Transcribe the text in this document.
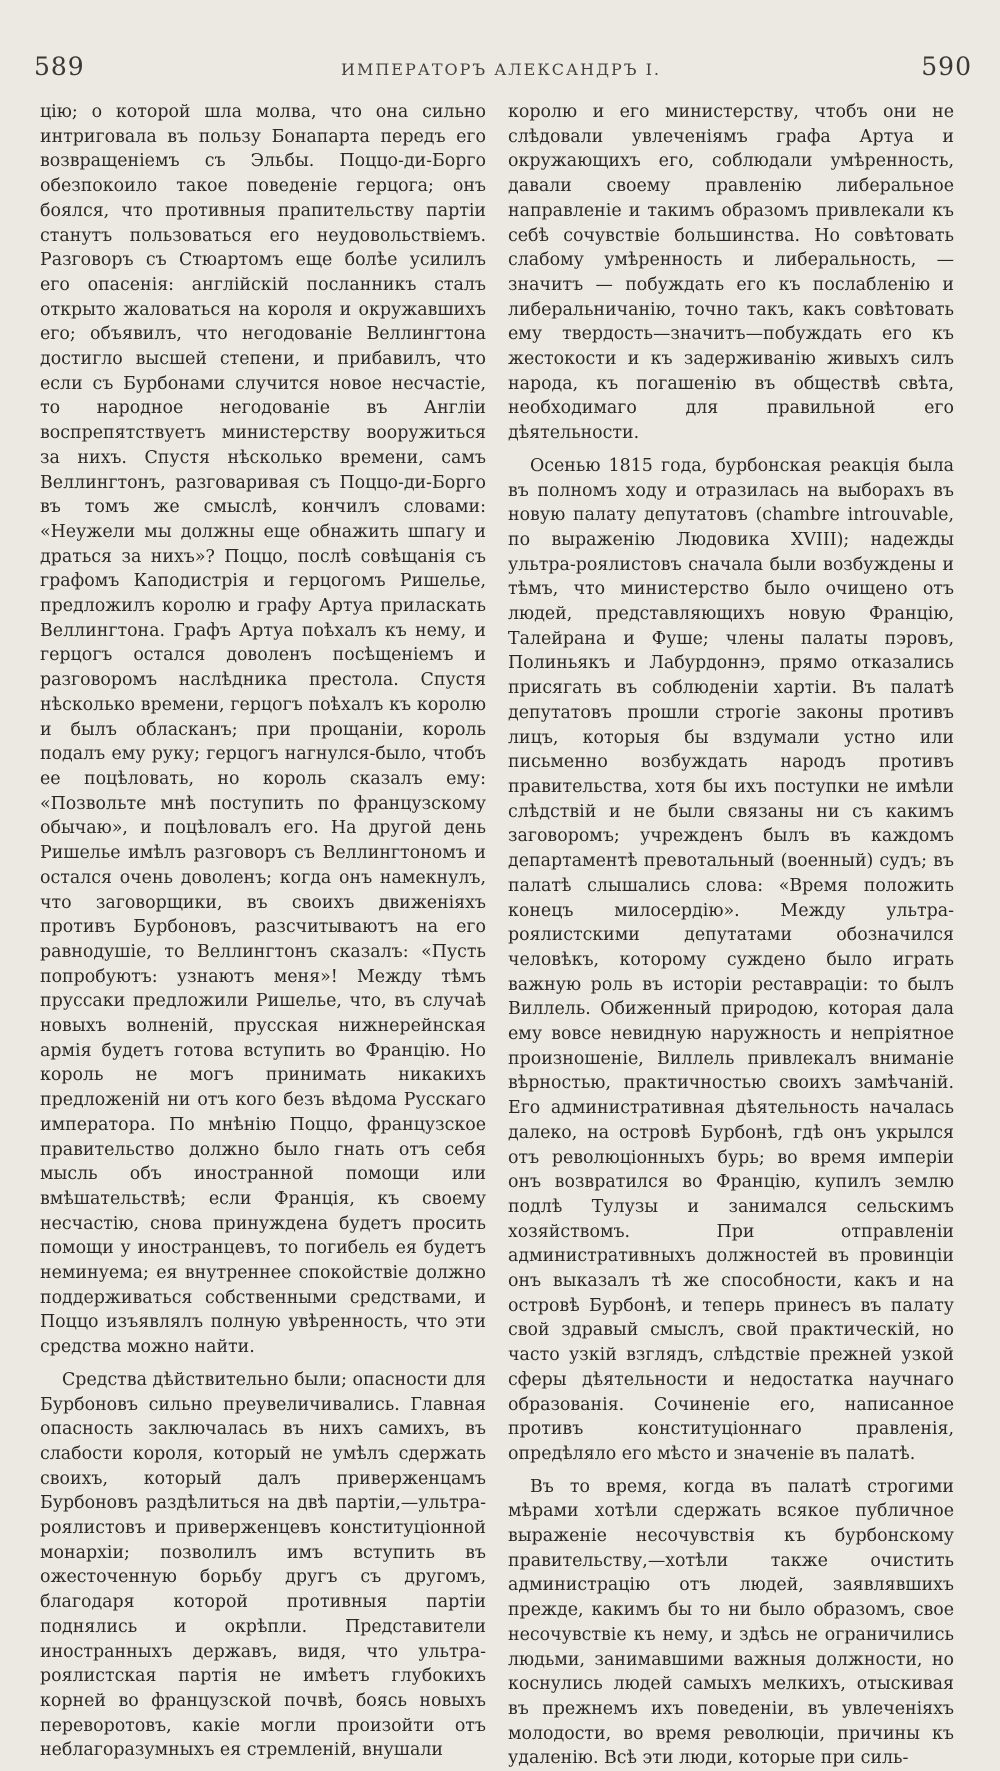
589	ИМПЕРАТОРЪ АЛЕКСАНДРЪ I.	590

цію; о которой шла молва, что она сильно интриговала въ пользу Бонапарта передъ его возвращеніемъ съ Эльбы. Поццо-ди-Борго обезпокоило такое поведеніе герцога; онъ боялся, что противныя прапительству партіи станутъ пользоваться его неудовольствіемъ. Разговоръ съ Стюартомъ еще болѣе усилилъ его опасенія: англійскій посланникъ сталъ открыто жаловаться на короля и окружавшихъ его; объявилъ, что негодованіе Веллингтона достигло высшей степени, и прибавилъ, что если съ Бурбонами случится новое несчастіе, то народное негодованіе въ Англіи воспрепятствуетъ министерству вооружиться за нихъ. Спустя нѣсколько времени, самъ Веллингтонъ, разговаривая съ Поццо-ди-Борго въ томъ же смыслѣ, кончилъ словами: «Неужели мы должны еще обнажить шпагу и драться за нихъ»? Поццо, послѣ совѣщанія съ графомъ Каподистрія и герцогомъ Ришелье, предложилъ королю и графу Артуа приласкать Веллингтона. Графъ Артуа поѣхалъ къ нему, и герцогъ остался доволенъ посѣщеніемъ и разговоромъ наслѣдника престола. Спустя нѣсколько времени, герцогъ поѣхалъ къ королю и былъ обласканъ; при прощаніи, король подалъ ему руку; герцогъ нагнулся-было, чтобъ ее поцѣловать, но король сказалъ ему: «Позвольте мнѣ поступить по французскому обычаю», и поцѣловалъ его. На другой день Ришелье имѣлъ разговоръ съ Веллингтономъ и остался очень доволенъ; когда онъ намекнулъ, что заговорщики, въ своихъ движеніяхъ противъ Бурбоновъ, разсчитываютъ на его равнодушіе, то Веллингтонъ сказалъ: «Пусть попробуютъ: узнаютъ меня»! Между тѣмъ пруссаки предложили Ришелье, что, въ случаѣ новыхъ волненій, прусская нижнерейнская армія будетъ готова вступить во Францію. Но король не могъ принимать никакихъ предложеній ни отъ кого безъ вѣдома Русскаго императора. По мнѣнію Поццо, французское правительство должно было гнать отъ себя мысль объ иностранной помощи или вмѣшательствѣ; если Франція, къ своему несчастію, снова принуждена будетъ просить помощи у иностранцевъ, то погибель ея будетъ неминуема; ея внутреннее спокойствіе должно поддерживаться собственными средствами, и Поццо изъявлялъ полную увѣренность, что эти средства можно найти.

Средства дѣйствительно были; опасности для Бурбоновъ сильно преувеличивались. Главная опасность заключалась въ нихъ самихъ, въ слабости короля, который не умѣлъ сдержать своихъ, который далъ приверженцамъ Бурбоновъ раздѣлиться на двѣ партіи,—ультра-роялистовъ и приверженцевъ конституціонной монархіи; позволилъ имъ вступить въ ожесточенную борьбу другъ съ другомъ, благодаря которой противныя партіи поднялись и окрѣпли. Представители иностранныхъ державъ, видя, что ультра-роялистская партія не имѣетъ глубокихъ корней во французской почвѣ, боясь новыхъ переворотовъ, какіе могли произойти отъ неблагоразумныхъ ея стремленій, внушали

королю и его министерству, чтобъ они не слѣдовали увлеченіямъ графа Артуа и окружающихъ его, соблюдали умѣренность, давали своему правленію либеральное направленіе и такимъ образомъ привлекали къ себѣ сочувствіе большинства. Но совѣтовать слабому умѣренность и либеральность, —значитъ — побуждать его къ послабленію и либеральничанію, точно такъ, какъ совѣтовать ему твердость—значитъ—побуждать его къ жестокости и къ задерживанію живыхъ силъ народа, къ погашенію въ обществѣ свѣта, необходимаго для правильной его дѣятельности.

Осенью 1815 года, бурбонская реакція была въ полномъ ходу и отразилась на выборахъ въ новую палату депутатовъ (chambre introuvable, по выраженію Людовика XVIII); надежды ультра-роялистовъ сначала были возбуждены и тѣмъ, что министерство было очищено отъ людей, представляющихъ новую Францію, Талейрана и Фуше; члены палаты пэровъ, Полиньякъ и Лабурдоннэ, прямо отказались присягать въ соблюденіи хартіи. Въ палатѣ депутатовъ прошли строгіе законы противъ лицъ, которыя бы вздумали устно или письменно возбуждать народъ противъ правительства, хотя бы ихъ поступки не имѣли слѣдствій и не были связаны ни съ какимъ заговоромъ; учрежденъ былъ въ каждомъ департаментѣ превотальный (военный) судъ; въ палатѣ слышались слова: «Время положить конецъ милосердію». Между ультра-роялистскими депутатами обозначился человѣкъ, которому суждено было играть важную роль въ исторіи реставраціи: то былъ Виллель. Обиженный природою, которая дала ему вовсе невидную наружность и непріятное произношеніе, Виллель привлекалъ вниманіе вѣрностью, практичностью своихъ замѣчаній. Его административная дѣятельность началась далеко, на островѣ Бурбонѣ, гдѣ онъ укрылся отъ революціонныхъ бурь; во время имперіи онъ возвратился во Францію, купилъ землю подлѣ Тулузы и занимался сельскимъ хозяйствомъ. При отправленіи административныхъ должностей въ провинціи онъ выказалъ тѣ же способности, какъ и на островѣ Бурбонѣ, и теперь принесъ въ палату свой здравый смыслъ, свой практическій, но часто узкій взглядъ, слѣдствіе прежней узкой сферы дѣятельности и недостатка научнаго образованія. Сочиненіе его, написанное противъ конституціоннаго правленія, опредѣляло его мѣсто и значеніе въ палатѣ.

Въ то время, когда въ палатѣ строгими мѣрами хотѣли сдержать всякое публичное выраженіе несочувствія къ бурбонскому правительству,—хотѣли также очистить администрацію отъ людей, заявлявшихъ прежде, какимъ бы то ни было образомъ, свое несочувствіе къ нему, и здѣсь не ограничились людьми, занимавшими важныя должности, но коснулись людей самыхъ мелкихъ, отыскивая въ прежнемъ ихъ поведеніи, въ увлеченіяхъ молодости, во время революціи, причины къ удаленію. Всѣ эти люди, которые при силь-
